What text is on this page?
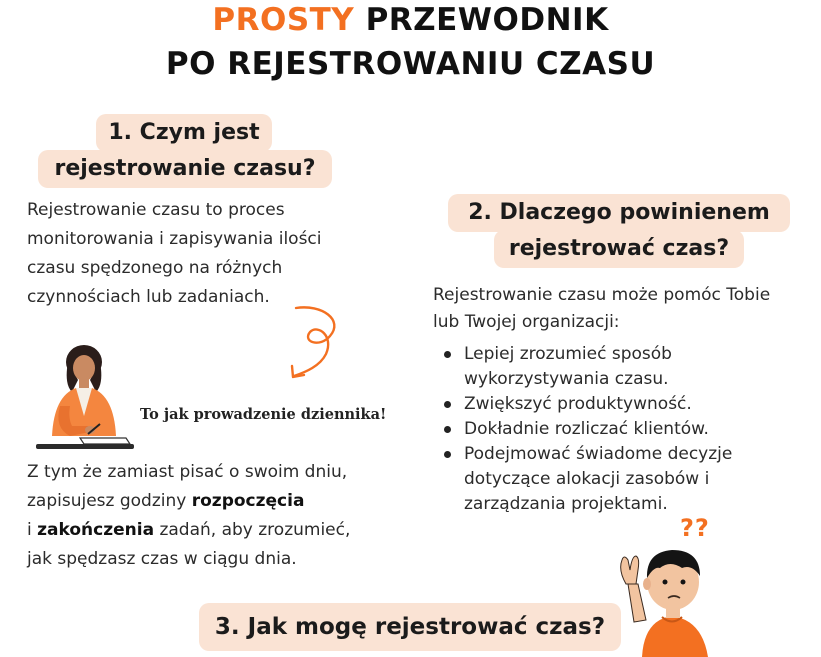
PROSTY PRZEWODNIK
PO REJESTROWANIU CZASU
1. Czym jest
rejestrowanie czasu?
Rejestrowanie czasu to proces
monitorowania i zapisywania ilości
czasu spędzonego na różnych
czynnościach lub zadaniach.
To jak prowadzenie dziennika!
Z tym że zamiast pisać o swoim dniu,
zapisujesz godziny rozpoczęcia
i zakończenia zadań, aby zrozumieć,
jak spędzasz czas w ciągu dnia.
2. Dlaczego powinienem
rejestrować czas?
Rejestrowanie czasu może pomóc Tobie
lub Twojej organizacji:
Lepiej zrozumieć sposób
wykorzystywania czasu.
Zwiększyć produktywność.
Dokładnie rozliczać klientów.
Podejmować świadome decyzje
dotyczące alokacji zasobów i
zarządzania projektami.
??
3. Jak mogę rejestrować czas?
